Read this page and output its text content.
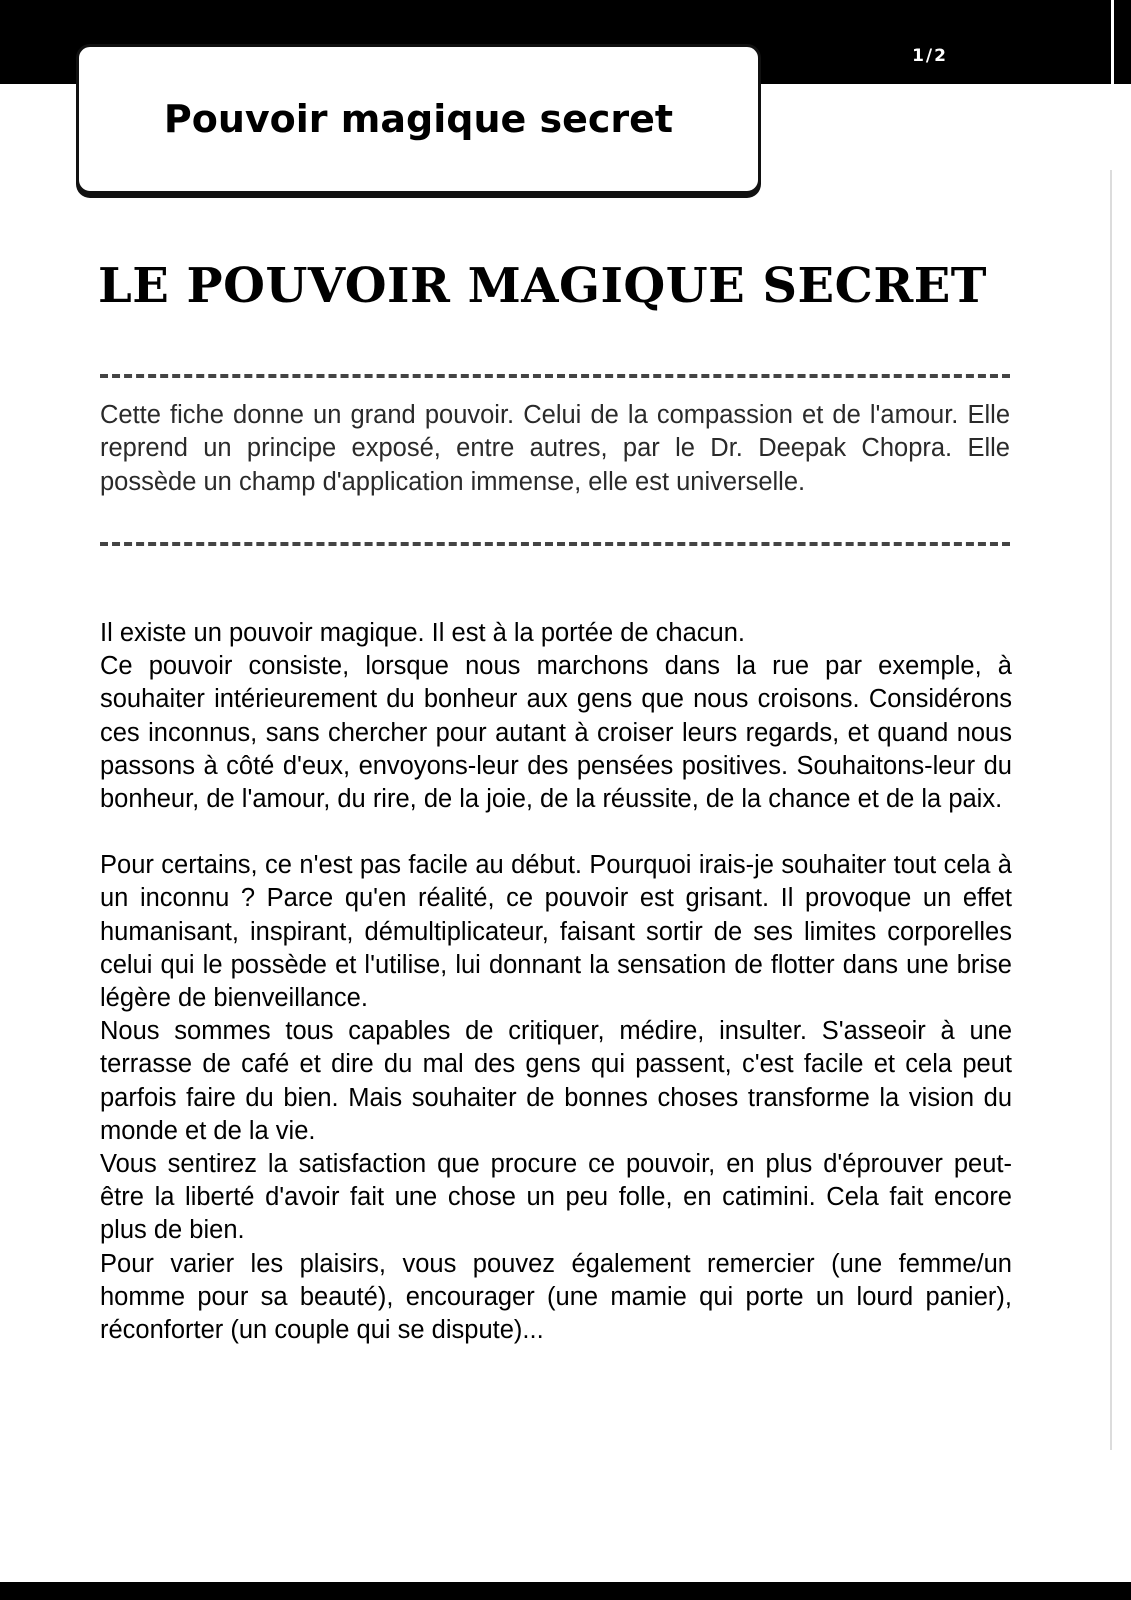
1/2
Pouvoir magique secret
LE POUVOIR MAGIQUE SECRET

Cette fiche donne un grand pouvoir. Celui de la compassion et de l'amour. Elle reprend un principe exposé, entre autres, par le Dr. Deepak Chopra. Elle possède un champ d'application immense, elle est universelle.

Il existe un pouvoir magique. Il est à la portée de chacun.

Ce pouvoir consiste, lorsque nous marchons dans la rue par exemple, à souhaiter intérieurement du bonheur aux gens que nous croisons. Considérons ces inconnus, sans chercher pour autant à croiser leurs regards, et quand nous passons à côté d'eux, envoyons-leur des pensées positives. Souhaitons-leur du bonheur, de l'amour, du rire, de la joie, de la réussite, de la chance et de la paix.

Pour certains, ce n'est pas facile au début. Pourquoi irais-je souhaiter tout cela à un inconnu ? Parce qu'en réalité, ce pouvoir est grisant. Il provoque un effet humanisant, inspirant, démultiplicateur, faisant sortir de ses limites corporelles celui qui le possède et l'utilise, lui donnant la sensation de flotter dans une brise légère de bienveillance.

Nous sommes tous capables de critiquer, médire, insulter. S'asseoir à une terrasse de café et dire du mal des gens qui passent, c'est facile et cela peut parfois faire du bien. Mais souhaiter de bonnes choses transforme la vision du monde et de la vie.

Vous sentirez la satisfaction que procure ce pouvoir, en plus d'éprouver peut-être la liberté d'avoir fait une chose un peu folle, en catimini. Cela fait encore plus de bien.

Pour varier les plaisirs, vous pouvez également remercier (une femme/un homme pour sa beauté), encourager (une mamie qui porte un lourd panier), réconforter (un couple qui se dispute)...
